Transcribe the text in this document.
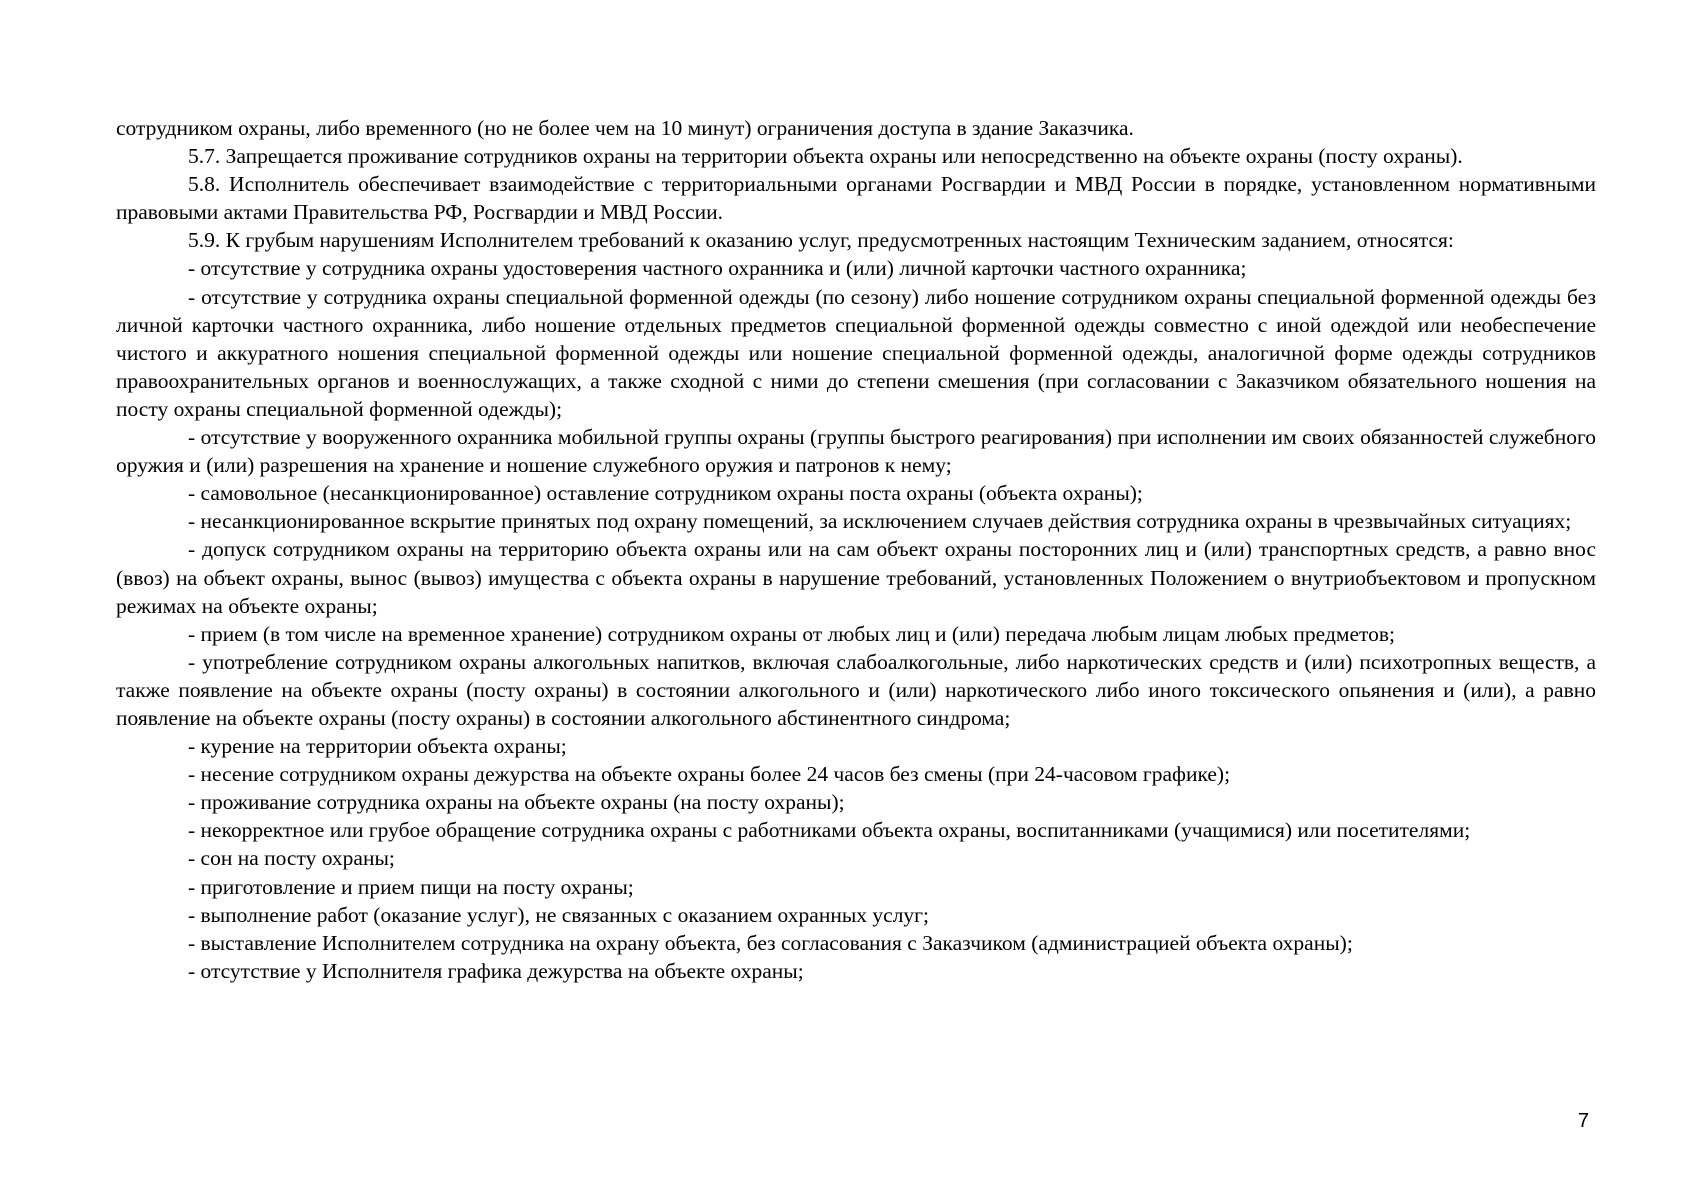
сотрудником охраны, либо временного (но не более чем на 10 минут) ограничения доступа в здание Заказчика.

5.7. Запрещается проживание сотрудников охраны на территории объекта охраны или непосредственно на объекте охраны (посту охраны).

5.8. Исполнитель обеспечивает взаимодействие с территориальными органами Росгвардии и МВД России в порядке, установленном нормативными правовыми актами Правительства РФ, Росгвардии и МВД России.

5.9. К грубым нарушениям Исполнителем требований к оказанию услуг, предусмотренных настоящим Техническим заданием, относятся:

- отсутствие у сотрудника охраны удостоверения частного охранника и (или) личной карточки частного охранника;

- отсутствие у сотрудника охраны специальной форменной одежды (по сезону) либо ношение сотрудником охраны специальной форменной одежды без личной карточки частного охранника, либо ношение отдельных предметов специальной форменной одежды совместно с иной одеждой или необеспечение чистого и аккуратного ношения специальной форменной одежды или ношение специальной форменной одежды, аналогичной форме одежды сотрудников правоохранительных органов и военнослужащих, а также сходной с ними до степени смешения (при согласовании с Заказчиком обязательного ношения на посту охраны специальной форменной одежды);

- отсутствие у вооруженного охранника мобильной группы охраны (группы быстрого реагирования) при исполнении им своих обязанностей служебного оружия и (или) разрешения на хранение и ношение служебного оружия и патронов к нему;

- самовольное (несанкционированное) оставление сотрудником охраны поста охраны (объекта охраны);

- несанкционированное вскрытие принятых под охрану помещений, за исключением случаев действия сотрудника охраны в чрезвычайных ситуациях;

- допуск сотрудником охраны на территорию объекта охраны или на сам объект охраны посторонних лиц и (или) транспортных средств, а равно внос (ввоз) на объект охраны, вынос (вывоз) имущества с объекта охраны в нарушение требований, установленных Положением о внутриобъектовом и пропускном режимах на объекте охраны;

- прием (в том числе на временное хранение) сотрудником охраны от любых лиц и (или) передача любым лицам любых предметов;

- употребление сотрудником охраны алкогольных напитков, включая слабоалкогольные, либо наркотических средств и (или) психотропных веществ, а также появление на объекте охраны (посту охраны) в состоянии алкогольного и (или) наркотического либо иного токсического опьянения и (или), а равно появление на объекте охраны (посту охраны) в состоянии алкогольного абстинентного синдрома;

- курение на территории объекта охраны;

- несение сотрудником охраны дежурства на объекте охраны более 24 часов без смены (при 24-часовом графике);

- проживание сотрудника охраны на объекте охраны (на посту охраны);

- некорректное или грубое обращение сотрудника охраны с работниками объекта охраны, воспитанниками (учащимися) или посетителями;

- сон на посту охраны;

- приготовление и прием пищи на посту охраны;

- выполнение работ (оказание услуг), не связанных с оказанием охранных услуг;

- выставление Исполнителем сотрудника на охрану объекта, без согласования с Заказчиком (администрацией объекта охраны);

- отсутствие у Исполнителя графика дежурства на объекте охраны;

7
